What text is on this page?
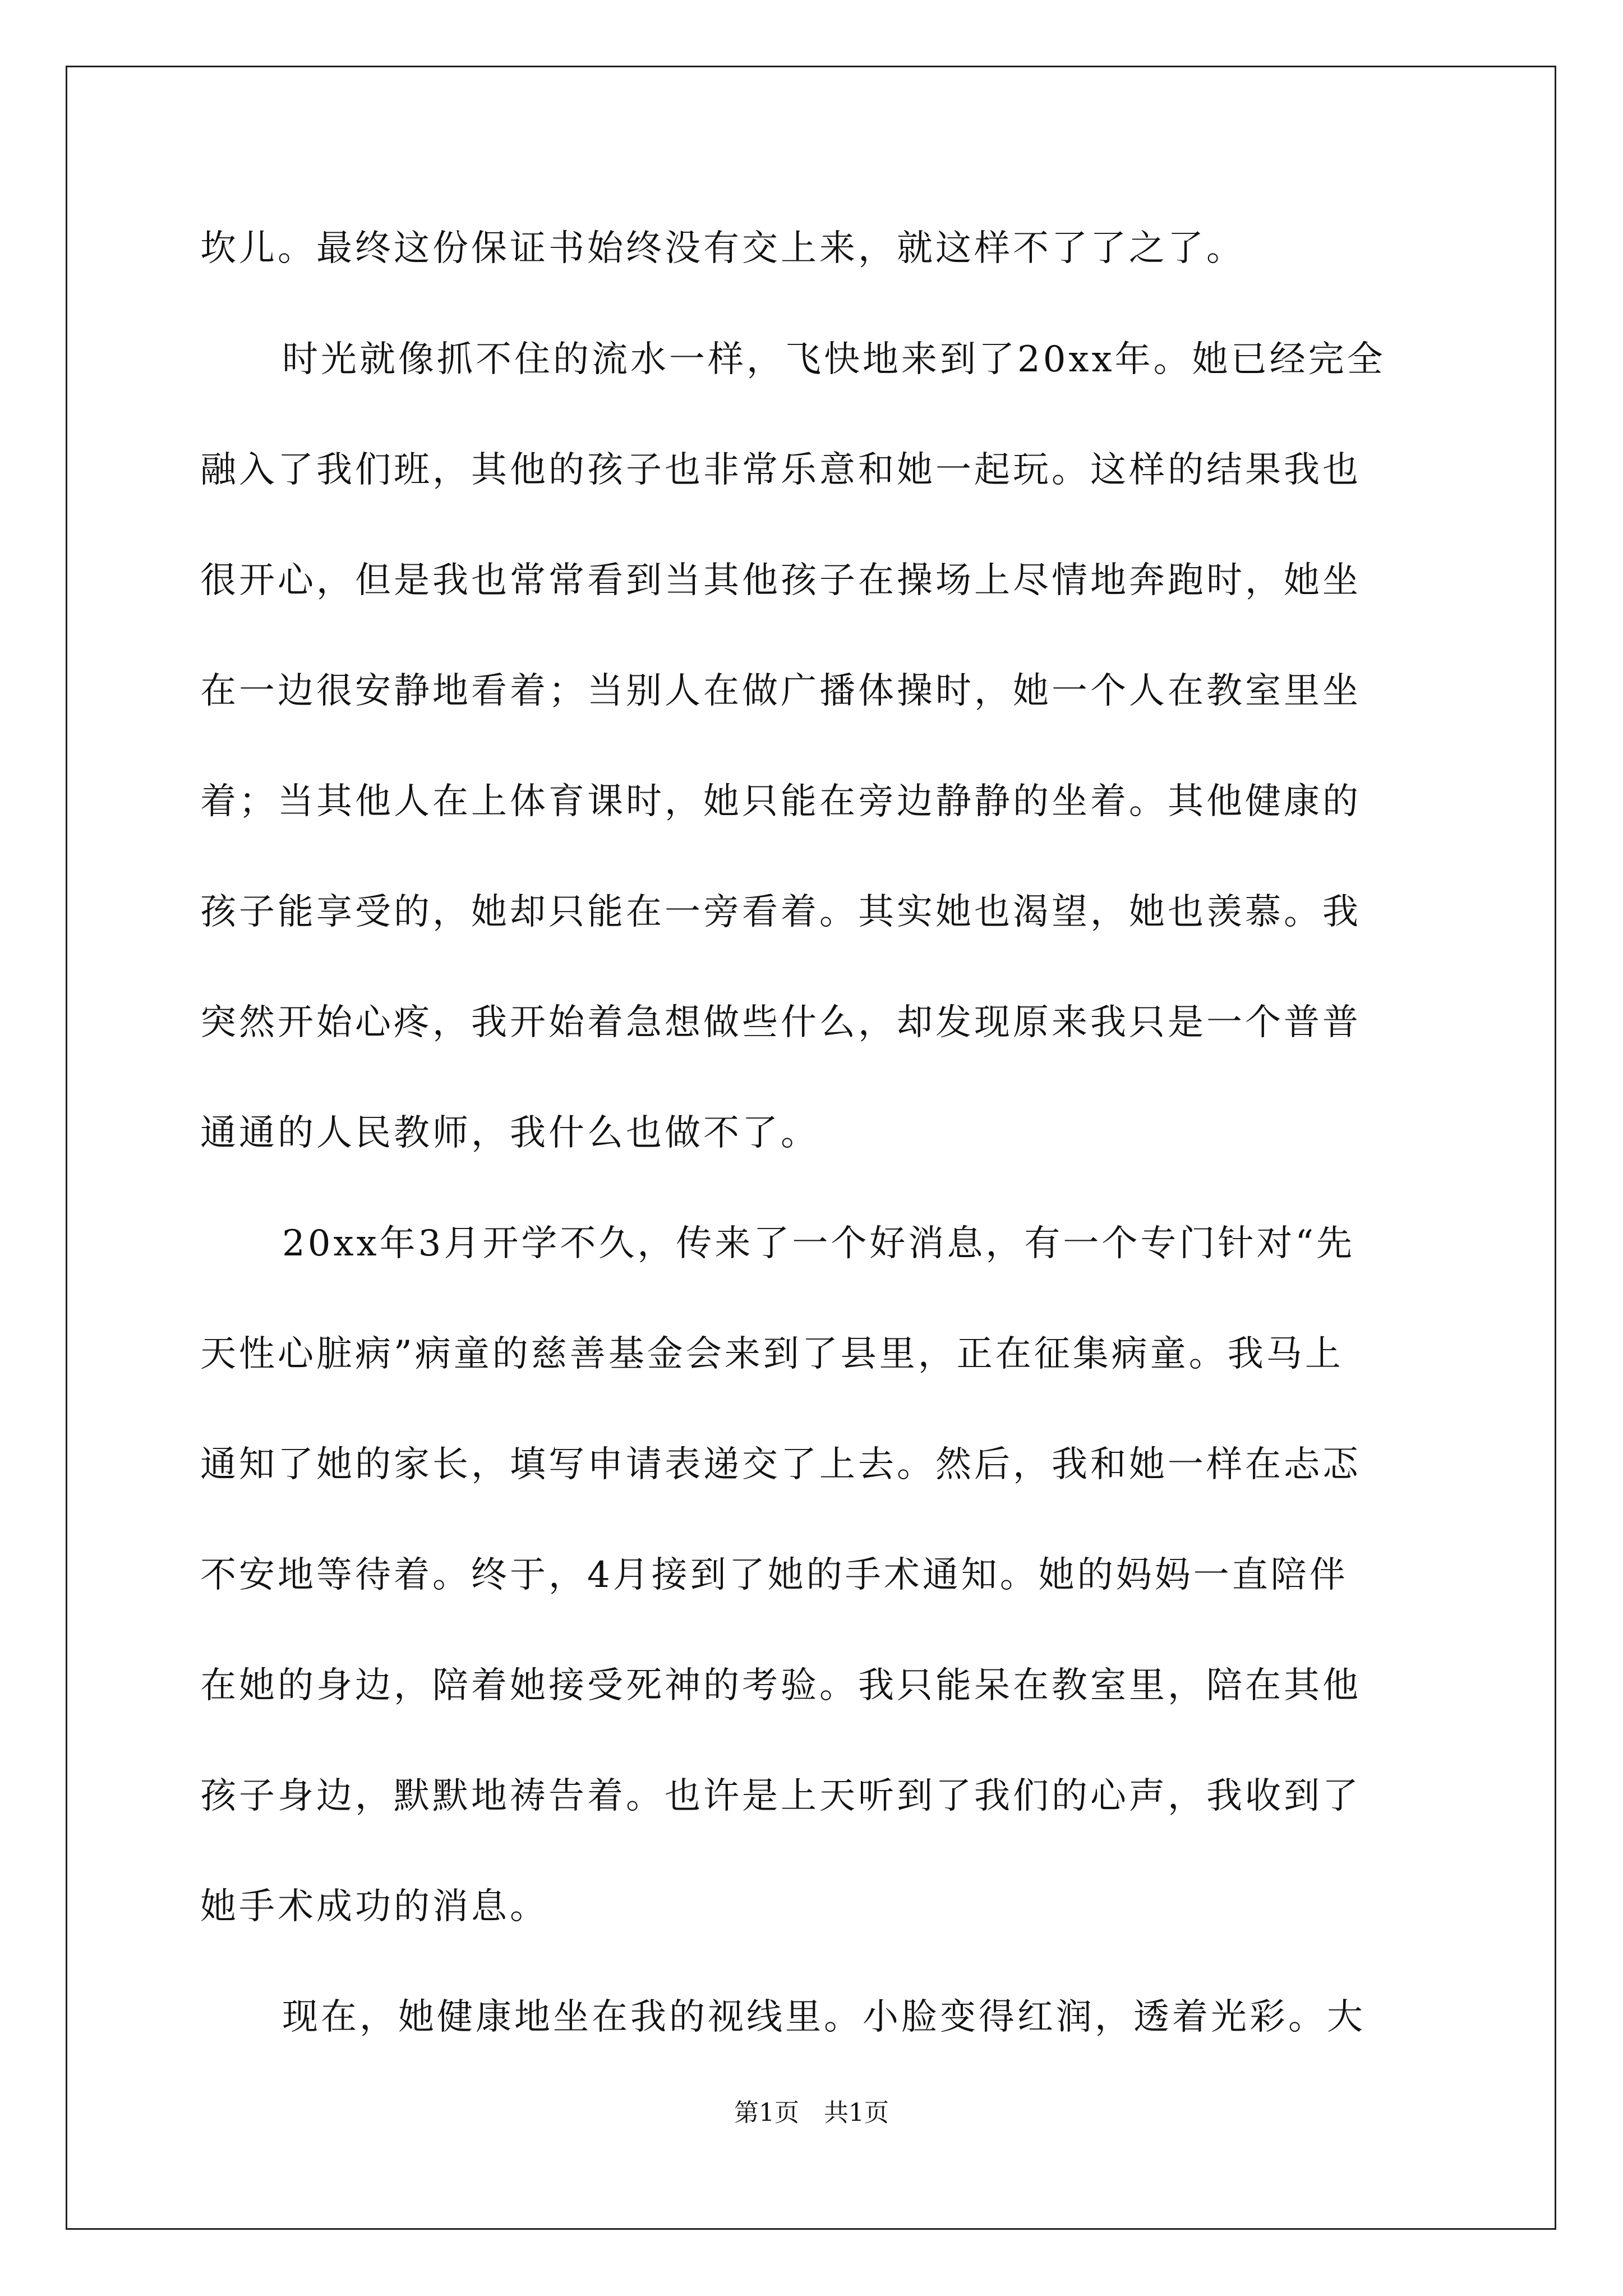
坎儿。最终这份保证书始终没有交上来，就这样不了了之了。
时光就像抓不住的流水一样，飞快地来到了20xx年。她已经完全
融入了我们班，其他的孩子也非常乐意和她一起玩。这样的结果我也
很开心，但是我也常常看到当其他孩子在操场上尽情地奔跑时，她坐
在一边很安静地看着；当别人在做广播体操时，她一个人在教室里坐
着；当其他人在上体育课时，她只能在旁边静静的坐着。其他健康的
孩子能享受的，她却只能在一旁看着。其实她也渴望，她也羡慕。我
突然开始心疼，我开始着急想做些什么，却发现原来我只是一个普普
通通的人民教师，我什么也做不了。
20xx年3月开学不久，传来了一个好消息，有一个专门针对“先
天性心脏病”病童的慈善基金会来到了县里，正在征集病童。我马上
通知了她的家长，填写申请表递交了上去。然后，我和她一样在忐忑
不安地等待着。终于，4月接到了她的手术通知。她的妈妈一直陪伴
在她的身边，陪着她接受死神的考验。我只能呆在教室里，陪在其他
孩子身边，默默地祷告着。也许是上天听到了我们的心声，我收到了
她手术成功的消息。
现在，她健康地坐在我的视线里。小脸变得红润，透着光彩。大
第1页　共1页
